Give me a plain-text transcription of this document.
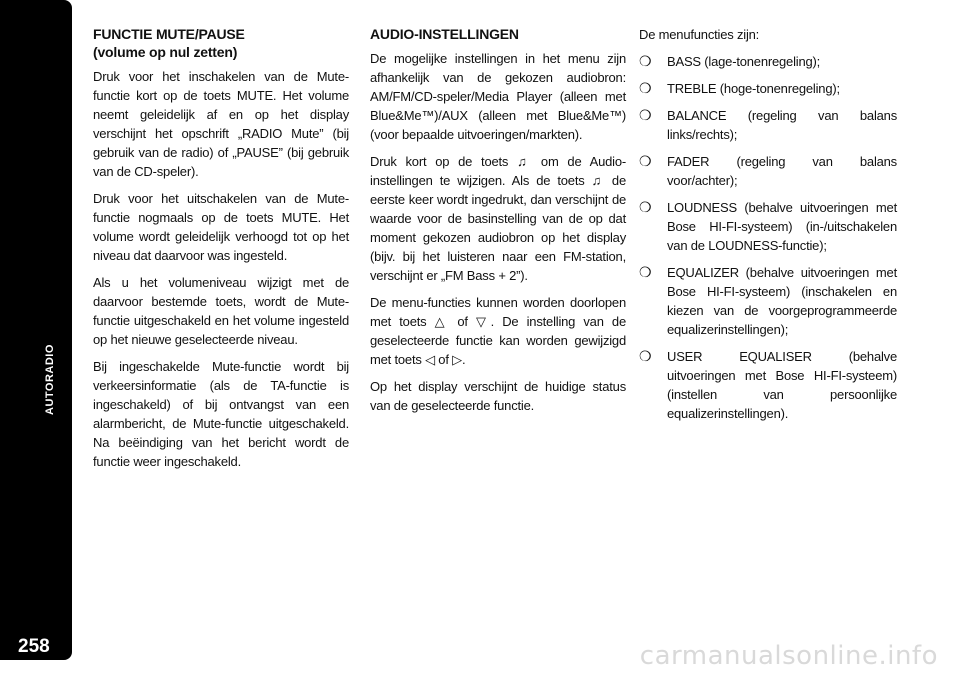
AUTORADIO
258
FUNCTIE MUTE/PAUSE
(volume op nul zetten)

Druk voor het inschakelen van de Mute-functie kort op de toets MUTE. Het volume neemt geleidelijk af en op het display verschijnt het opschrift „RADIO Mute” (bij gebruik van de radio) of „PAUSE” (bij gebruik van de CD-speler).

Druk voor het uitschakelen van de Mute-functie nogmaals op de toets MUTE. Het volume wordt geleidelijk verhoogd tot op het niveau dat daarvoor was ingesteld.

Als u het volumeniveau wijzigt met de daarvoor bestemde toets, wordt de Mute-functie uitgeschakeld en het volume ingesteld op het nieuwe geselecteerde niveau.

Bij ingeschakelde Mute-functie wordt bij verkeersinformatie (als de TA-functie is ingeschakeld) of bij ontvangst van een alarmbericht, de Mute-functie uitgeschakeld. Na beëindiging van het bericht wordt de functie weer ingeschakeld.

AUDIO-INSTELLINGEN

De mogelijke instellingen in het menu zijn afhankelijk van de gekozen audiobron: AM/FM/CD-speler/Media Player (alleen met Blue&Me™)/AUX (alleen met Blue&Me™) (voor bepaalde uitvoeringen/markten).

Druk kort op de toets ♫ om de Audio-instellingen te wijzigen. Als de toets ♫ de eerste keer wordt ingedrukt, dan verschijnt de waarde voor de basinstelling van de op dat moment gekozen audiobron op het display (bijv. bij het luisteren naar een FM-station, verschijnt er „FM Bass + 2”).

De menu-functies kunnen worden doorlopen met toets △ of ▽. De instelling van de geselecteerde functie kan worden gewijzigd met toets ◁ of ▷.

Op het display verschijnt de huidige status van de geselecteerde functie.

De menufuncties zijn:

❍ BASS (lage-tonenregeling);
❍ TREBLE (hoge-tonenregeling);
❍ BALANCE (regeling van balans links/rechts);
❍ FADER (regeling van balans voor/achter);
❍ LOUDNESS (behalve uitvoeringen met Bose HI-FI-systeem) (in-/uitschakelen van de LOUDNESS-functie);
❍ EQUALIZER (behalve uitvoeringen met Bose HI-FI-systeem) (inschakelen en kiezen van de voorgeprogrammeerde equalizerinstellingen);
❍ USER EQUALISER (behalve uitvoeringen met Bose HI-FI-systeem) (instellen van persoonlijke equalizerinstellingen).
carmanualsonline.info
